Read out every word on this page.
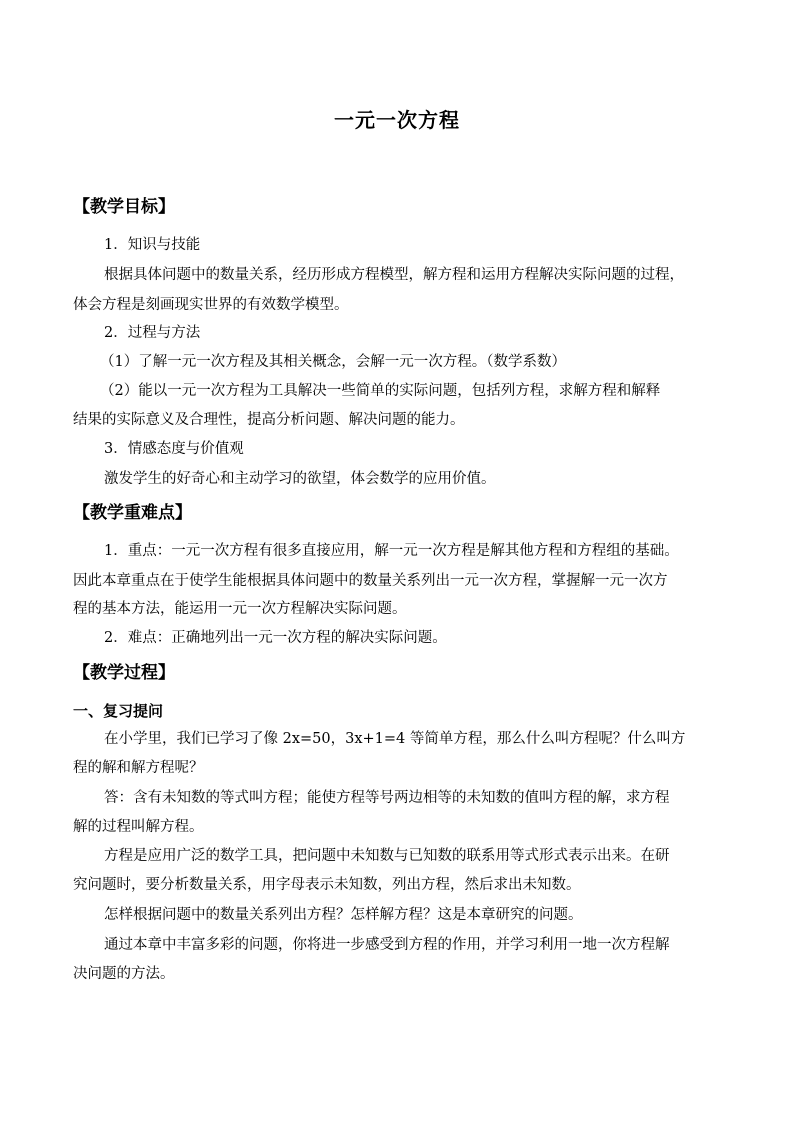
一元一次方程
【教学目标】
1．知识与技能
根据具体问题中的数量关系，经历形成方程模型，解方程和运用方程解决实际问题的过程，
体会方程是刻画现实世界的有效数学模型。
2．过程与方法
（1）了解一元一次方程及其相关概念，会解一元一次方程。（数学系数）
（2）能以一元一次方程为工具解决一些简单的实际问题，包括列方程，求解方程和解释
结果的实际意义及合理性，提高分析问题、解决问题的能力。
3．情感态度与价值观
激发学生的好奇心和主动学习的欲望，体会数学的应用价值。
【教学重难点】
1．重点：一元一次方程有很多直接应用，解一元一次方程是解其他方程和方程组的基础。
因此本章重点在于使学生能根据具体问题中的数量关系列出一元一次方程，掌握解一元一次方
程的基本方法，能运用一元一次方程解决实际问题。
2．难点：正确地列出一元一次方程的解决实际问题。
【教学过程】
一、复习提问
在小学里，我们已学习了像 2x=50，3x+1=4 等简单方程，那么什么叫方程呢？什么叫方
程的解和解方程呢？
答：含有未知数的等式叫方程；能使方程等号两边相等的未知数的值叫方程的解，求方程
解的过程叫解方程。
方程是应用广泛的数学工具，把问题中未知数与已知数的联系用等式形式表示出来。在研
究问题时，要分析数量关系，用字母表示未知数，列出方程，然后求出未知数。
怎样根据问题中的数量关系列出方程？怎样解方程？这是本章研究的问题。
通过本章中丰富多彩的问题，你将进一步感受到方程的作用，并学习利用一地一次方程解
决问题的方法。
